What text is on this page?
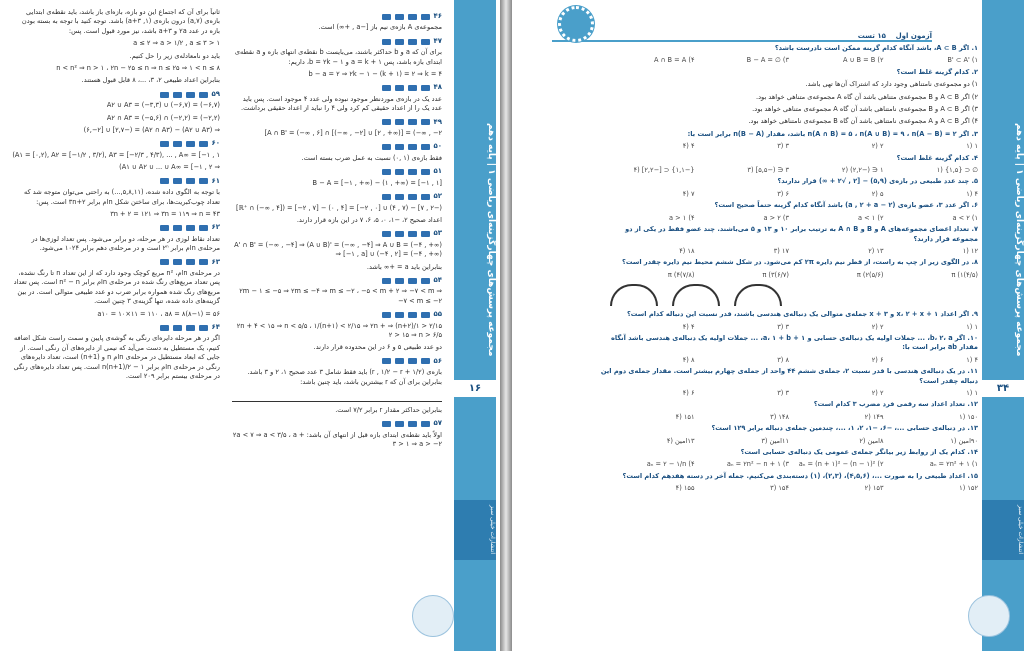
ثانیاً برای آن که اجتماع این دو بازه، بازه‌ای باز باشد، باید نقطه‌ی ابتدایی بازه‌ی (a,۷) درون بازه‌ی (a+۳ ,۱) باشد. توجه کنید با توجه به بسته بودن بازه در عدد ۲a و a+۳ باشد، نیز مورد قبول است. پس:

۱ < a ≤ ۲ ⇒ a > ۱/۲ , a ≤ ۳

باید دو نامعادله‌ی زیر را حل کنیم.

n < n² ⇒ n > ۱ ، ۲n − ۲۵ ≤ n ⇒ n ≤ ۲۵ ⇒ ۱ < n ≤ ۸

بنابراین اعداد طبیعی ۲، ۳، ...، ۸ قابل قبول هستند.

۵۹

A۲ ∪ A۳ = (−۳,۳) ∪ (−۶,۷) = (−۶,۷)

A۲ ∩ A۳ = (−۵,۶) ∩ (−۲,۲) = (−۲,۲)

⇒ (A۲ ∪ A۳) − (A۲ ∩ A۳) = (−۶,−۲] ∪ [۲,۷)

۶۰

A۱ = [۰,۲), A۲ = [−۱/۲ , ۳/۲), A۳ = [−۲/۳ , ۴/۳), ... , A∞ = [−۱ , ۱)

⇒ A۱ ∪ A۲ ∪ ... ∪ A∞ = [−۱ , ۲)

۶۱

با توجه به الگوی داده شده، (۵,۸,۱۱,...) به راحتی می‌توان متوجه شد که تعداد چوب‌کبریت‌ها، برای ساختن شکل nام برابر ۳n+۲ است. پس:

۳n + ۲ = ۱۲۱ ⇒ ۳n = ۱۱۹ ⇒ n = ۴۳

۶۲

تعداد نقاط لوزی در هر مرحله، دو برابر می‌شود. پس تعداد لوزی‌ها در مرحله‌ی nام برابر ۲ⁿ است و در مرحله‌ی دهم برابر ۱۰۲۴ می‌شود.

۶۳

در مرحله‌ی nام، n² مربع کوچک وجود دارد که از این تعداد n تا رنگ نشده، پس تعداد مربع‌های رنگ شده در مرحله‌ی nام برابر n² − n است. پس تعداد مربع‌های رنگ شده همواره برابر ضرب دو عدد طبیعی متوالی است. در بین گزینه‌های داده شده، تنها گزینه‌ی ۳ چنین است.

a۱۰ = ۱۰×۱۱ = ۱۱۰ ، a۸ = ۸(۸−۱) = ۵۶

۶۴

اگر در هر مرحله دایره‌ای رنگی به گوشه‌ی پایین و سمت راست شکل اضافه کنیم، یک مستطیل به دست می‌آید که نیمی از دایره‌های آن رنگی است. از جایی که ابعاد مستطیل در مرحله‌ی nام n و (n+1) است، تعداد دایره‌های رنگی در مرحله‌ی nام برابر n(n+1)/۲ − ۱ است. پس تعداد دایره‌های رنگی در مرحله‌ی بیستم برابر ۲۰۹ است.

۴۶

مجموعه‌ی A بازه‌ی نیم باز [−a , +∞) است.

۴۷

برای آن که a و b حداکثر باشند، می‌بایست b نقطه‌ی انتهای بازه و a نقطه‌ی ابتدای بازه باشد، پس a = k + ۱ و b = ۲k − ۱، داریم:

b − a = ۲ ⇒ ۲k − ۱ − (k + ۱) = ۲ ⇒ k = ۴

۴۸

عدد یک در بازه‌ی موردنظر موجود نبوده ولی عدد ۴ موجود است. پس باید عدد یک را از اعداد حقیقی کم کرد ولی ۴ را نباید از اعداد حقیقی برداشت.

۴۹

A ∩ B' = (−∞ , ۶] ∩ [(−∞ , −۲] ∪ [۲ , +∞)] = (−∞ , −۲]

۵۰

فقط بازه‌ی (۱ ,۰) نسبت به عمل ضرب بسته است.

۵۱

B − A = [−۱ , +∞) − (۱ , +∞) = [−۱ , ۱]

۵۲

(−۲ , ۷] − (ℝ⁺ ∩ (−∞ , ۴]) = [−۲ , ۷] − (۰ , ۴] = [−۲ , ۰] ∪ (۴ , ۷]

اعداد صحیح ۲، −۱، ۰، ۵، ۶، ۷ در این بازه قرار دارند.

۵۳

A' ∩ B' = (−∞ , −۴] ⇒ (A ∪ B)' = (−∞ , −۴] ⇒ A ∪ B = (−۴ , +∞) ⇒ [−۱ , a] ∪ (−۴ , ۲] = (−۴ , +∞)

بنابراین باید a = +∞ باشد.

۵۴

۲m − ۱ ≤ −۵ ⇒ ۲m ≤ −۴ ⇒ m ≤ −۲ ، −۵ < m + ۲ ⇒ −۷ < m ⇒ −۷ < m ≤ −۲

۵۵

۲/۱۵ < ۱/(n+۲) ⇒ ۲n + ۴ < ۱۵ ⇒ n < ۵/۵ ، ۱/(n+۱) < ۲/۱۵ ⇒ ۲n + ۲ > ۱۵ ⇒ n > ۶/۵

دو عدد طبیعی ۵ و ۶ در این محدوده قرار دارند.

۵۶

بازه‌ی (۱/۲ + r , ۱/۲ − r) باید فقط شامل ۳ عدد صحیح ۱، ۲ و ۳ باشد. بنابراین برای آن که r بیشترین باشد، باید چنین باشد:

بنابراین حداکثر مقدار r برابر ۷/۲ است.

۵۷

اولاً باید نقطه‌ی ابتدای بازه قبل از انتهای آن باشد: ۲a < ۷ ⇒ a < ۳/۵ ، a + ۳ > ۱ ⇒ a > −۲

مجموعه پرسش‌های چهارگزینه‌ای ریاضی ۱ | پایه دهم
۱۶
انتشارات خیلی سبز
مجموعه پرسش‌های چهارگزینه‌ای ریاضی ۱ | پایه دهم
۳۴
انتشارات خیلی سبز
آزمون اول    ۱۵ تست

۱. اگر A ⊂ B، باشد آنگاه کدام گزینه ممکن است نادرست باشد؟

B' ⊂ A' (۱
A ∪ B = B (۲
B − A = ∅ (۳
A ∩ B = A (۴

۲. کدام گزینه غلط است؟

۱) دو مجموعه‌ی نامتناهی وجود دارد که اشتراک آن‌ها تهی باشد.

۲) اگر A ⊂ B و B مجموعه‌ی متناهی باشد آن گاه A مجموعه‌ی متناهی خواهد بود.

۳) اگر A ⊂ B و B مجموعه‌ی نامتناهی باشد آن گاه A مجموعه‌ی متناهی خواهد بود.

۴) اگر A ⊂ B و A مجموعه‌ی نامتناهی باشد آن گاه B مجموعه‌ی نامتناهی خواهد بود.

۳. اگر n(A ∩ B) = ۵ ، n(A ∪ B) = ۹ ، n(A − B) = ۲ باشد، مقدار n(B − A) برابر است با:

۱ (۱
۲ (۲
۳ (۳
۴ (۴

۴. کدام گزینه غلط است؟

∅ ⊂ {۱,۵} (۱
۱ ∈ (−۲,۲) (۲
۳ ∈ (−۵,۵] (۳
{−۱,۱} ⊂ [−۲,۲] (۴

۵. چند عدد طبیعی در بازه‌ی (۵,۹) − [۲ , √۲ + ∞) قرار ندارند؟

۴ (۱
۵ (۲
۶ (۳
۷ (۴

۶. اگر عدد ۳، عضو بازه‌ی (۲ − a , ۲ + a) باشد آنگاه کدام گزینه حتماً صحیح است؟

a < ۲ (۱
a < ۱ (۲
a > ۲ (۳
a > ۱ (۴

۷. تعداد اعضای مجموعه‌های A و B و A ∩ B به ترتیب برابر ۱۰ و ۱۳ و ۵ می‌باشند. چند عضو فقط در یکی از دو مجموعه قرار دارند؟

۱۲ (۱
۱۳ (۲
۱۷ (۳
۱۸ (۴

۸. در الگوی زیر از چپ به راست، از قطر نیم دایره ۲π کم می‌شود. در شکل ششم محیط نیم دایره چقدر است؟

(۴/۵)π (۱
(۵/۶)π (۲
(۶/۷)π (۳
(۷/۸)π (۴

۹. اگر اعداد ۱ + x، ۲ + x و ۳ + x جمله‌ی متوالی یک دنباله‌ی هندسی باشند، قدر نسبت این دنباله کدام است؟

۱ (۱
۲ (۲
۳ (۳
۴ (۴

۱۰. اگر b، ۲، a، ... جملات اولیه یک دنباله‌ی حسابی و ۱ + a، ۱ + b، ... جملات اولیه یک دنباله‌ی هندسی باشد آنگاه مقدار ab برابر است با:

۴ (۱
۶ (۲
۸ (۳
۸ (۴

۱۱. در یک دنباله‌ی هندسی با قدر نسبت ۲، جمله‌ی ششم ۴۴ واحد از جمله‌ی چهارم بیشتر است. مقدار جمله‌ی دوم این دنباله چقدر است؟

۱ (۱
۲ (۲
۳ (۳
۶ (۴

۱۲. تعداد اعداد سه رقمی فرد مضرب ۳ کدام است؟

۱۵۰ (۱
۱۴۹ (۲
۱۴۸ (۳
۱۵۱ (۴

۱۳. در دنباله‌ی حسابی ...، −۶، −۱، ۲، ۱، ...، چندمین جمله‌ی دنباله برابر ۱۲۹ است؟

۹۰امین (۱
۸امین (۲
۱۱امین (۳
۱۳امین (۴

۱۴. کدام یک از روابط زیر بیانگر جمله‌ی عمومی یک دنباله‌ی حسابی است؟

aₙ = ۲n² + ۱ (۱
aₙ = (n + ۱)² − (n − ۱)² (۲
aₙ = ۲n² − n + ۱ (۳
aₙ = ۲ − ۱/n (۴

۱۵. اعداد طبیعی را به صورت ...، (۴,۵,۶)، (۲,۳)، (۱) دسته‌بندی می‌کنیم. جمله آخر در دسته هفدهم کدام است؟

۱۵۲ (۱
۱۵۳ (۲
۱۵۴ (۳
۱۵۵ (۴
